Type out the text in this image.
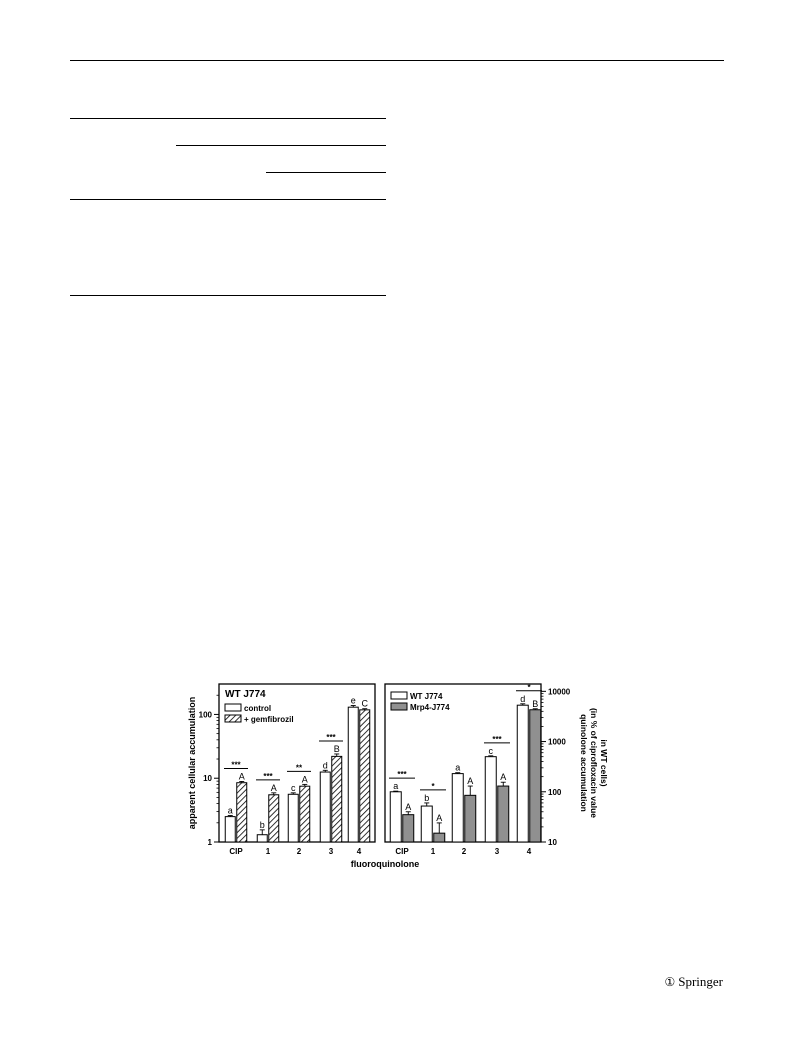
1
10
100
a
A
***
CIP
b
A
***
1
c
A
**
2
d
B
***
3
e C
4
WT J774
control
+ gemfibrozil
fluoroquinolone
apparent cellular accumulation
10
100
1000
10000
a
A
***
CIP
b
A
*
1
a
A
2
c
A
***
3
d B
*
4
WT J774
Mrp4-J774
quinolone accumulation (in % of ciprofloxacin value in WT cells)
① Springer
